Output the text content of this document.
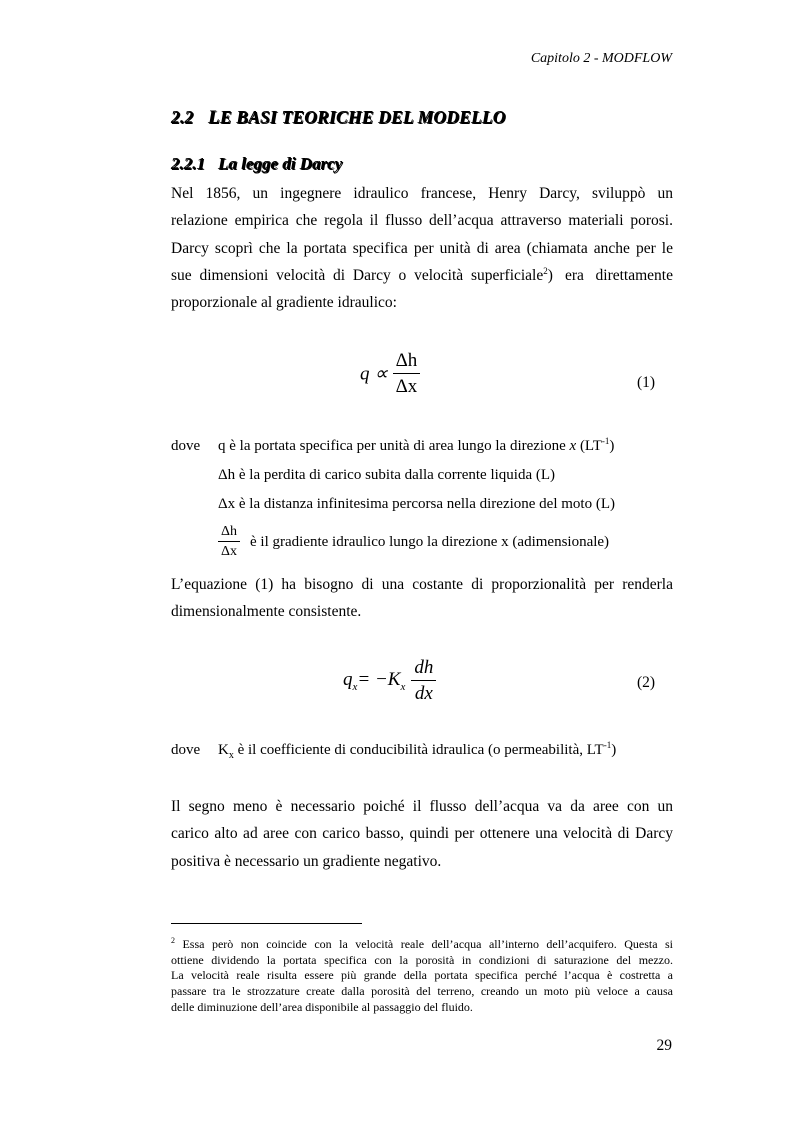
Capitolo 2 - MODFLOW
2.2 LE BASI TEORICHE DEL MODELLO
2.2.1 La legge di Darcy
Nel 1856, un ingegnere idraulico francese, Henry Darcy, sviluppò un
relazione empirica che regola il flusso dell’acqua attraverso materiali porosi.
Darcy scoprì che la portata specifica per unità di area (chiamata anche per le
sue dimensioni velocità di Darcy o velocità superficiale$^2$) era direttamente
proporzionale al gradiente idraulico:
$q \propto \frac{\Delta h}{\Delta x}$	(1)
dove q è la portata specifica per unità di area lungo la direzione x $(LT^{-1})$
Δh è la perdita di carico subita dalla corrente liquida (L)
Δx è la distanza infinitesima percorsa nella direzione del moto (L)
$\frac{\Delta h}{\Delta x}$ è il gradiente idraulico lungo la direzione x (adimensionale)
L’equazione (1) ha bisogno di una costante di proporzionalità per renderla
dimensionalmente consistente.
$q_x = -K_x \frac{dh}{dx}$	(2)
dove $K_x$ è il coefficiente di conducibilità idraulica (o permeabilità, $LT^{-1}$)
Il segno meno è necessario poiché il flusso dell’acqua va da aree con un
carico alto ad aree con carico basso, quindi per ottenere una velocità di Darcy
positiva è necessario un gradiente negativo.
$^2$ Essa però non coincide con la velocità reale dell’acqua all’interno dell’acquifero. Questa si
ottiene dividendo la portata specifica con la porosità in condizioni di saturazione del mezzo.
La velocità reale risulta essere più grande della portata specifica perché l’acqua è costretta a
passare tra le strozzature create dalla porosità del terreno, creando un moto più veloce a causa
delle diminuzione dell’area disponibile al passaggio del fluido.
29
